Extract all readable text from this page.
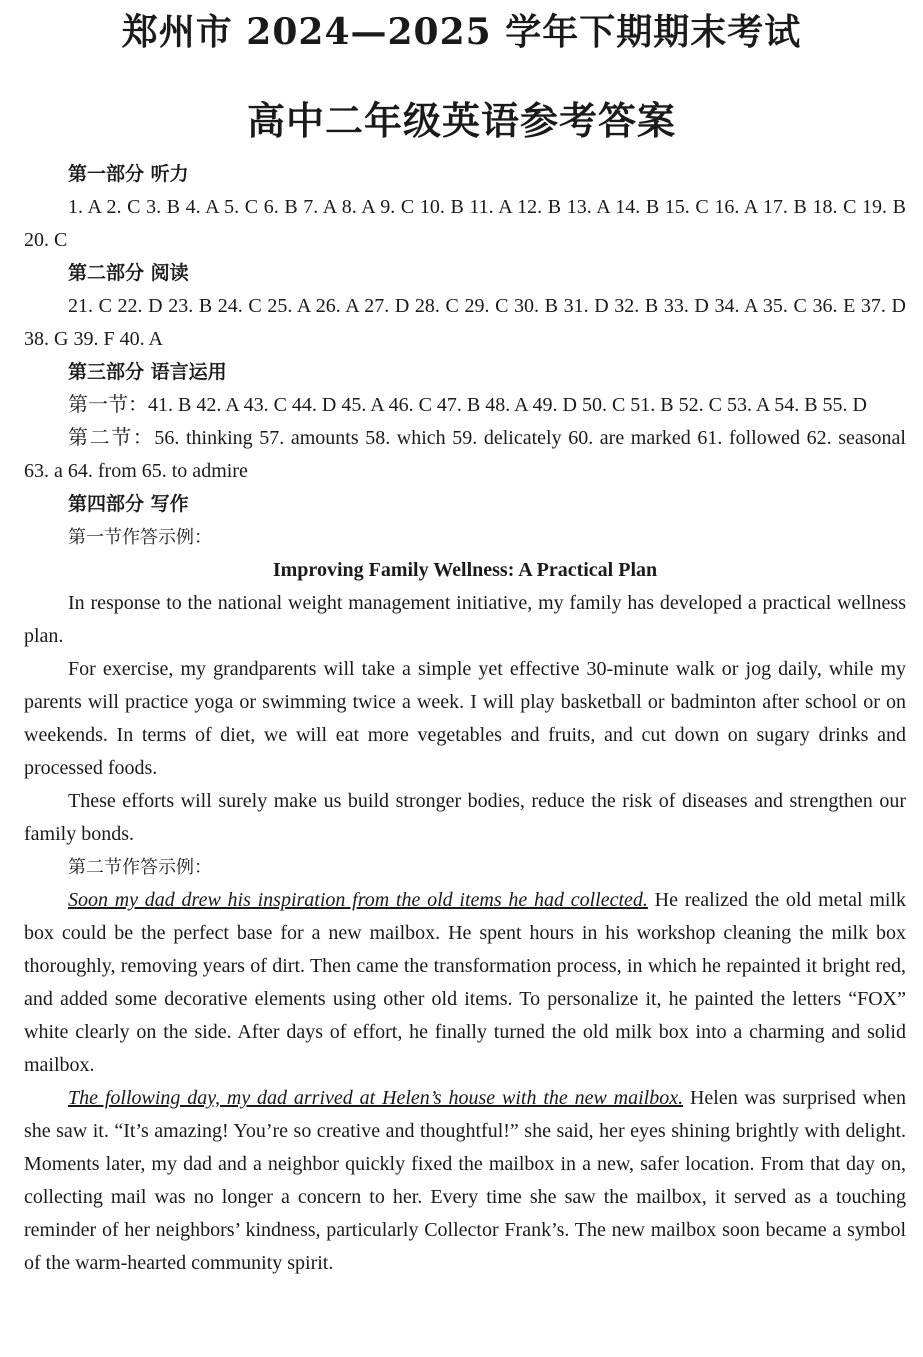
郑州市 2024—2025 学年下期期末考试
高中二年级英语参考答案
第一部分 听力
1. A 2. C 3. B 4. A 5. C 6. B 7. A 8. A 9. C 10. B 11. A 12. B 13. A 14. B 15. C 16. A 17. B 18. C 19. B 20. C
第二部分 阅读
21. C 22. D 23. B 24. C 25. A 26. A 27. D 28. C 29. C 30. B 31. D 32. B 33. D 34. A 35. C 36. E 37. D 38. G 39. F 40. A
第三部分 语言运用
第一节：41. B 42. A 43. C 44. D 45. A 46. C 47. B 48. A 49. D 50. C 51. B 52. C 53. A 54. B 55. D
第二节：56. thinking 57. amounts 58. which 59. delicately 60. are marked 61. followed 62. seasonal 63. a 64. from 65. to admire
第四部分 写作
第一节作答示例：
Improving Family Wellness: A Practical Plan

In response to the national weight management initiative, my family has developed a practical wellness plan.

For exercise, my grandparents will take a simple yet effective 30-minute walk or jog daily, while my parents will practice yoga or swimming twice a week. I will play basketball or badminton after school or on weekends. In terms of diet, we will eat more vegetables and fruits, and cut down on sugary drinks and processed foods.

These efforts will surely make us build stronger bodies, reduce the risk of diseases and strengthen our family bonds.

第二节作答示例：

Soon my dad drew his inspiration from the old items he had collected. He realized the old metal milk box could be the perfect base for a new mailbox. He spent hours in his workshop cleaning the milk box thoroughly, removing years of dirt. Then came the transformation process, in which he repainted it bright red, and added some decorative elements using other old items. To personalize it, he painted the letters “FOX” white clearly on the side. After days of effort, he finally turned the old milk box into a charming and solid mailbox.

The following day, my dad arrived at Helen’s house with the new mailbox. Helen was surprised when she saw it. “It’s amazing! You’re so creative and thoughtful!” she said, her eyes shining brightly with delight. Moments later, my dad and a neighbor quickly fixed the mailbox in a new, safer location. From that day on, collecting mail was no longer a concern to her. Every time she saw the mailbox, it served as a touching reminder of her neighbors’ kindness, particularly Collector Frank’s. The new mailbox soon became a symbol of the warm-hearted community spirit.
